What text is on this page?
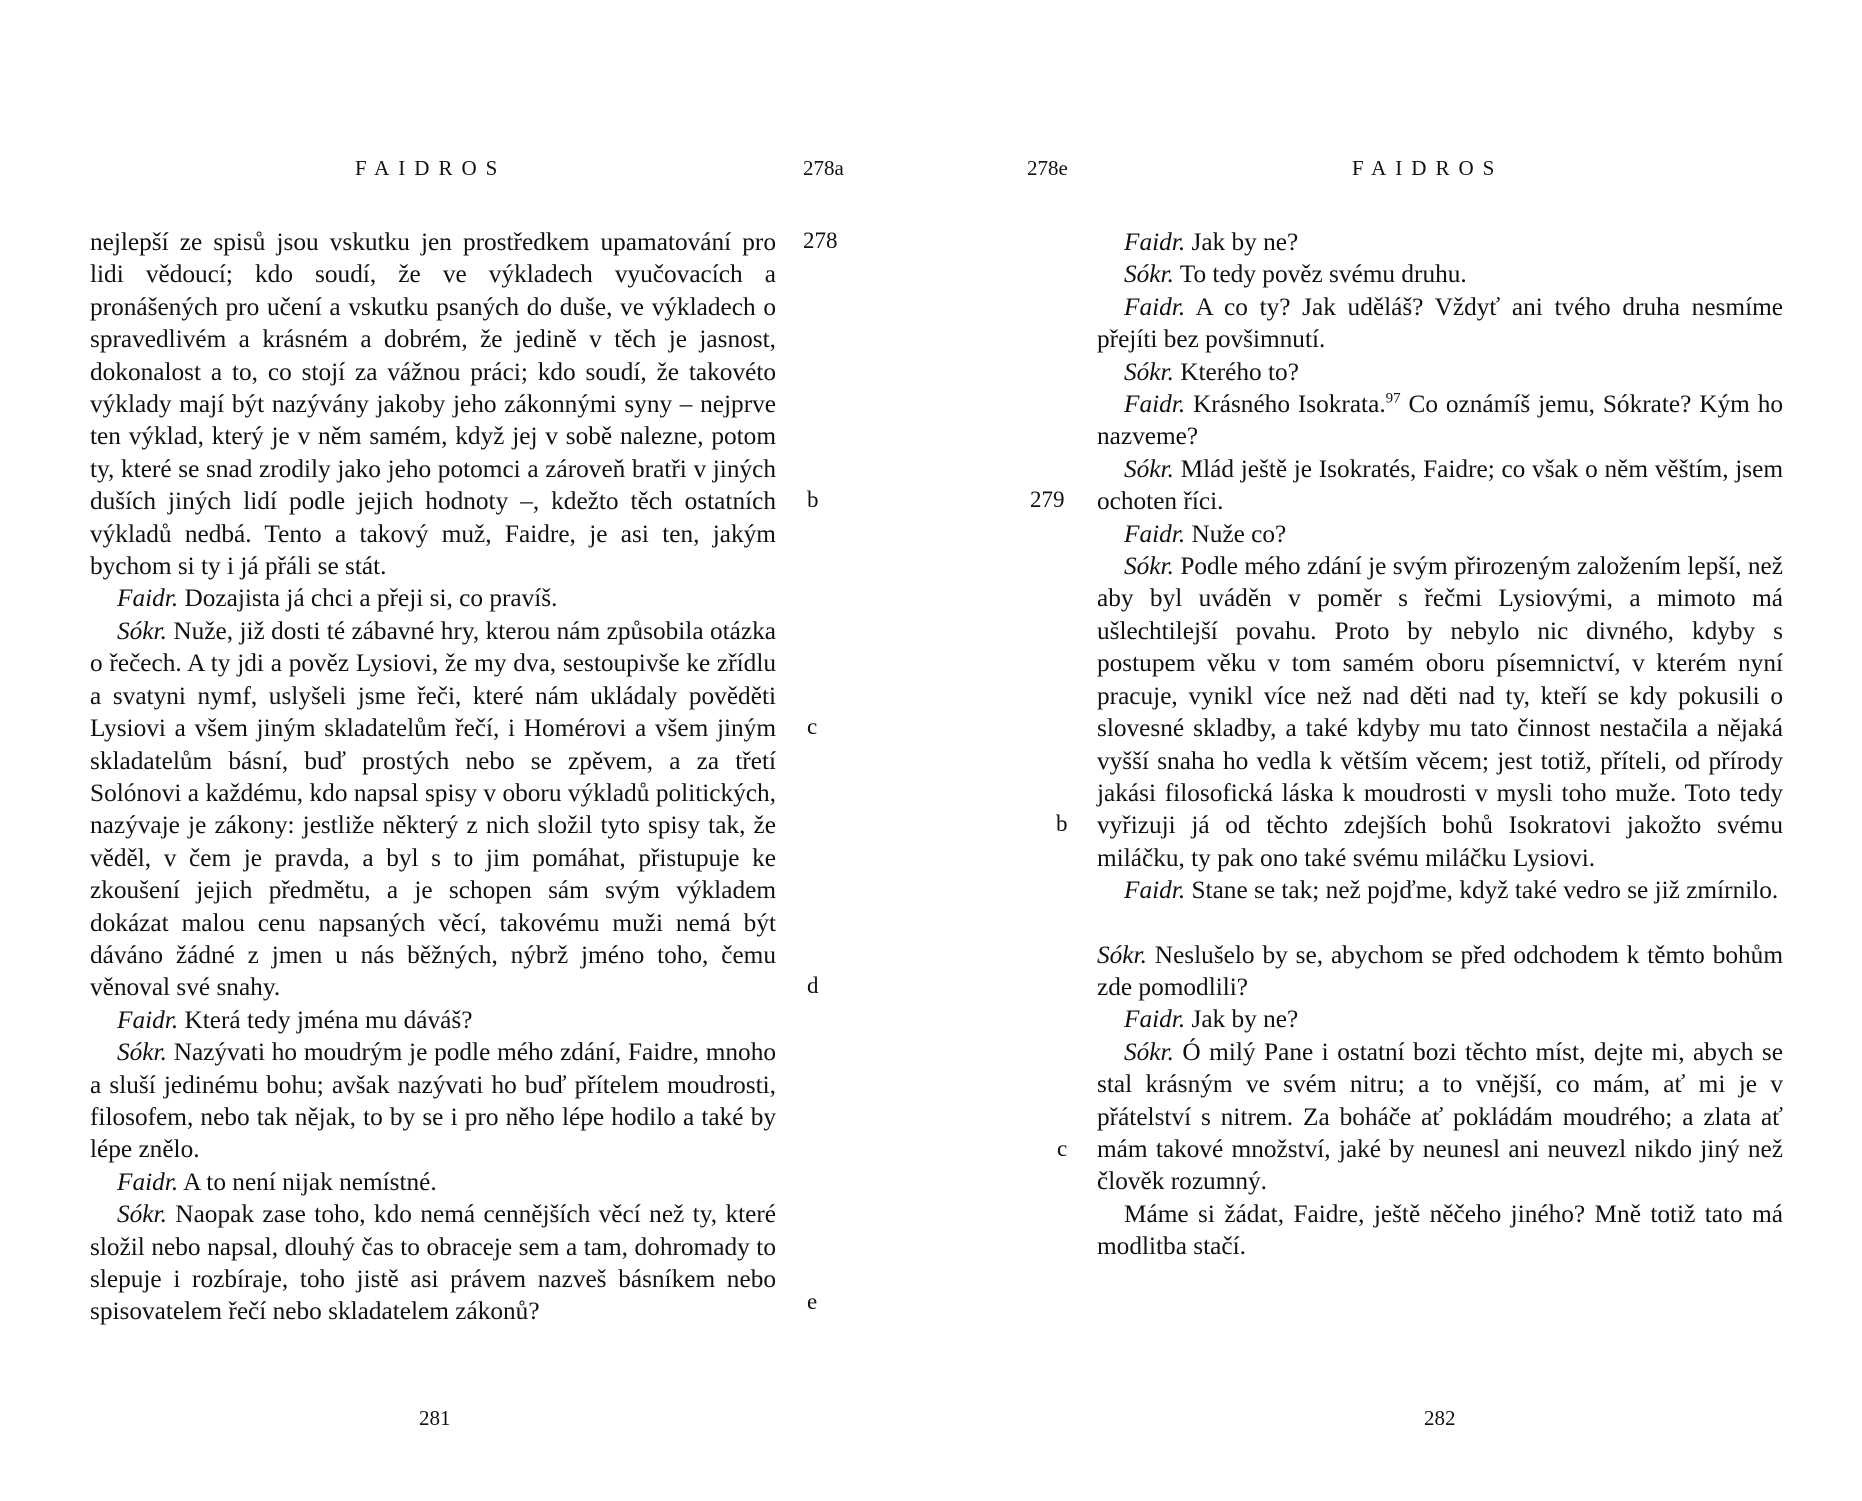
FAIDROS	278a

nejlepší ze spisů jsou vskutku jen prostředkem upamatování pro lidi vědoucí; kdo soudí, že ve výkladech vyučovacích a pronášených pro učení a vskutku psaných do duše, ve výkladech o spravedlivém a krásném a dobrém, že jedině v těch je jasnost, dokonalost a to, co stojí za vážnou práci; kdo soudí, že takovéto výklady mají být nazývány jakoby jeho zákonnými syny – nejprve ten výklad, který je v něm samém, když jej v sobě nalezne, potom ty, které se snad zrodily jako jeho potomci a zároveň bratři v jiných duších jiných lidí podle jejich hodnoty –, kdežto těch ostatních výkladů nedbá. Tento a takový muž, Faidre, je asi ten, jakým bychom si ty i já přáli se stát.

Faidr. Dozajista já chci a přeji si, co pravíš.

Sókr. Nuže, již dosti té zábavné hry, kterou nám způsobila otázka o řečech. A ty jdi a pověz Lysiovi, že my dva, sestoupivše ke zřídlu a svatyni nymf, uslyšeli jsme řeči, které nám ukládaly pověděti Lysiovi a všem jiným skladatelům řečí, i Homérovi a všem jiným skladatelům básní, buď prostých nebo se zpěvem, a za třetí Solónovi a každému, kdo napsal spisy v oboru výkladů politických, nazývaje je zákony: jestliže některý z nich složil tyto spisy tak, že věděl, v čem je pravda, a byl s to jim pomáhat, přistupuje ke zkoušení jejich předmětu, a je schopen sám svým výkladem dokázat malou cenu napsaných věcí, takovému muži nemá být dáváno žádné z jmen u nás běžných, nýbrž jméno toho, čemu věnoval své snahy.

Faidr. Která tedy jména mu dáváš?

Sókr. Nazývati ho moudrým je podle mého zdání, Faidre, mnoho a sluší jedinému bohu; avšak nazývati ho buď přítelem moudrosti, filosofem, nebo tak nějak, to by se i pro něho lépe hodilo a také by lépe znělo.

Faidr. A to není nijak nemístné.

Sókr. Naopak zase toho, kdo nemá cennějších věcí než ty, které složil nebo napsal, dlouhý čas to obraceje sem a tam, dohromady to slepuje i rozbíraje, toho jistě asi právem nazveš básníkem nebo spisovatelem řečí nebo skladatelem zákonů?

278
b
c
d
e
281
278e	FAIDROS

Faidr. Jak by ne?

Sókr. To tedy pověz svému druhu.

Faidr. A co ty? Jak uděláš? Vždyť ani tvého druha nesmíme přejíti bez povšimnutí.

Sókr. Kterého to?

Faidr. Krásného Isokrata.$^{97}$ Co oznámíš jemu, Sókrate? Kým ho nazveme?

Sókr. Mlád ještě je Isokratés, Faidre; co však o něm věštím, jsem ochoten říci.

Faidr. Nuže co?

Sókr. Podle mého zdání je svým přirozeným založením lepší, než aby byl uváděn v poměr s řečmi Lysiovými, a mimoto má ušlechtilejší povahu. Proto by nebylo nic divného, kdyby s postupem věku v tom samém oboru písemnictví, v kterém nyní pracuje, vynikl více než nad děti nad ty, kteří se kdy pokusili o slovesné skladby, a také kdyby mu tato činnost nestačila a nějaká vyšší snaha ho vedla k větším věcem; jest totiž, příteli, od přírody jakási filosofická láska k moudrosti v mysli toho muže. Toto tedy vyřizuji já od těchto zdejších bohů Isokratovi jakožto svému miláčku, ty pak ono také svému miláčku Lysiovi.

Faidr. Stane se tak; než pojďme, když také vedro se již zmírnilo.

Sókr. Neslušelo by se, abychom se před odchodem k těmto bohům zde pomodlili?

Faidr. Jak by ne?

Sókr. Ó milý Pane i ostatní bozi těchto míst, dejte mi, abych se stal krásným ve svém nitru; a to vnější, co mám, ať mi je v přátelství s nitrem. Za boháče ať pokládám moudrého; a zlata ať mám takové množství, jaké by neunesl ani neuvezl nikdo jiný než člověk rozumný.

Máme si žádat, Faidre, ještě něčeho jiného? Mně totiž tato má modlitba stačí.

279
b
c
282
